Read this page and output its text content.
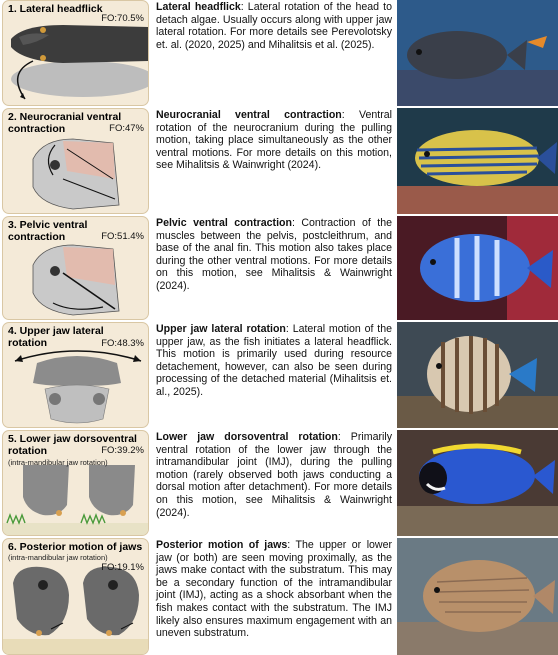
1. Lateral headflick
FO:70.5%
Lateral headflick: Lateral rotation of the head to detach algae. Usually occurs along with upper jaw lateral rotation. For more details see Perevolotsky et. al. (2020, 2025) and Mihalitsis et al. (2025).
2. Neurocranial ventral contraction	FO:47%
Neurocranial ventral contraction: Ventral rotation of the neurocranium during the pulling motion, taking place simultaneously as the other ventral motions. For more details on this motion, see Mihalitsis & Wainwright (2024).
3. Pelvic ventral contraction	FO:51.4%
Pelvic ventral contraction: Contraction of the muscles between the pelvis, postcleithrum, and base of the anal fin. This motion also takes place during the other ventral motions. For more details on this motion, see Mihalitsis & Wainwright (2024).
4. Upper jaw lateral rotation	FO:48.3%
Upper jaw lateral rotation: Lateral motion of the upper jaw, as the fish initiates a lateral headflick. This motion is primarily used during resource detachement, however, can also be seen during processing of the detached material (Mihalitsis et. al., 2025).
5. Lower jaw dorsoventral rotation
(intra-mandibular jaw rotation)
FO:39.2%
Lower jaw dorsoventral rotation: Primarily ventral rotation of the lower jaw through the intramandibular joint (IMJ), during the pulling motion (rarely observed both jaws conducting a dorsal motion after detachment). For more details on this motion, see Mihalitsis & Wainwright (2024).
6. Posterior motion of jaws
(intra-mandibular jaw rotation)
FO:19.1%
Posterior motion of jaws: The upper or lower jaw (or both) are seen moving proximally, as the jaws make contact with the substratum. This may be a secondary function of the intramandibular joint (IMJ), acting as a shock absorbant when the fish makes contact with the substratum. The IMJ likely also ensures maximum engagement with an uneven substratum.
